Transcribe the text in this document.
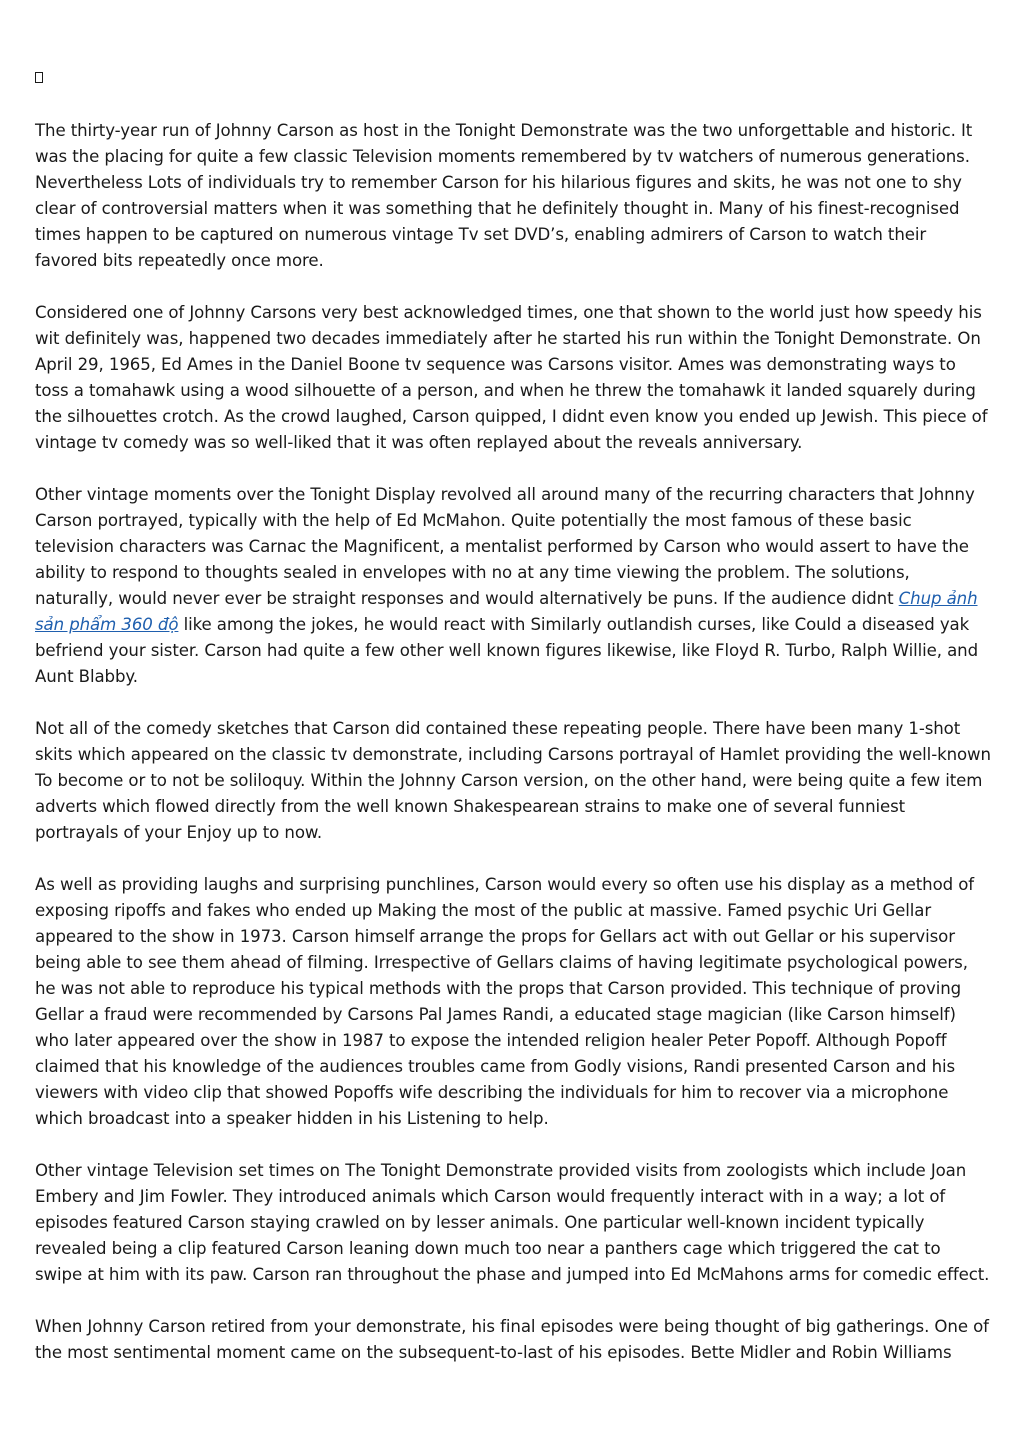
The thirty-year run of Johnny Carson as host in the Tonight Demonstrate was the two unforgettable and historic. It was the placing for quite a few classic Television moments remembered by tv watchers of numerous generations. Nevertheless Lots of individuals try to remember Carson for his hilarious figures and skits, he was not one to shy clear of controversial matters when it was something that he definitely thought in. Many of his finest-recognised times happen to be captured on numerous vintage Tv set DVD’s, enabling admirers of Carson to watch their favored bits repeatedly once more.

Considered one of Johnny Carsons very best acknowledged times, one that shown to the world just how speedy his wit definitely was, happened two decades immediately after he started his run within the Tonight Demonstrate. On April 29, 1965, Ed Ames in the Daniel Boone tv sequence was Carsons visitor. Ames was demonstrating ways to toss a tomahawk using a wood silhouette of a person, and when he threw the tomahawk it landed squarely during the silhouettes crotch. As the crowd laughed, Carson quipped, I didnt even know you ended up Jewish. This piece of vintage tv comedy was so well-liked that it was often replayed about the reveals anniversary.

Other vintage moments over the Tonight Display revolved all around many of the recurring characters that Johnny Carson portrayed, typically with the help of Ed McMahon. Quite potentially the most famous of these basic television characters was Carnac the Magnificent, a mentalist performed by Carson who would assert to have the ability to respond to thoughts sealed in envelopes with no at any time viewing the problem. The solutions, naturally, would never ever be straight responses and would alternatively be puns. If the audience didnt Chup ảnh sản phẩm 360 độ like among the jokes, he would react with Similarly outlandish curses, like Could a diseased yak befriend your sister. Carson had quite a few other well known figures likewise, like Floyd R. Turbo, Ralph Willie, and Aunt Blabby.

Not all of the comedy sketches that Carson did contained these repeating people. There have been many 1-shot skits which appeared on the classic tv demonstrate, including Carsons portrayal of Hamlet providing the well-known To become or to not be soliloquy. Within the Johnny Carson version, on the other hand, were being quite a few item adverts which flowed directly from the well known Shakespearean strains to make one of several funniest portrayals of your Enjoy up to now.

As well as providing laughs and surprising punchlines, Carson would every so often use his display as a method of exposing ripoffs and fakes who ended up Making the most of the public at massive. Famed psychic Uri Gellar appeared to the show in 1973. Carson himself arrange the props for Gellars act with out Gellar or his supervisor being able to see them ahead of filming. Irrespective of Gellars claims of having legitimate psychological powers, he was not able to reproduce his typical methods with the props that Carson provided. This technique of proving Gellar a fraud were recommended by Carsons Pal James Randi, a educated stage magician (like Carson himself) who later appeared over the show in 1987 to expose the intended religion healer Peter Popoff. Although Popoff claimed that his knowledge of the audiences troubles came from Godly visions, Randi presented Carson and his viewers with video clip that showed Popoffs wife describing the individuals for him to recover via a microphone which broadcast into a speaker hidden in his Listening to help.

Other vintage Television set times on The Tonight Demonstrate provided visits from zoologists which include Joan Embery and Jim Fowler. They introduced animals which Carson would frequently interact with in a way; a lot of episodes featured Carson staying crawled on by lesser animals. One particular well-known incident typically revealed being a clip featured Carson leaning down much too near a panthers cage which triggered the cat to swipe at him with its paw. Carson ran throughout the phase and jumped into Ed McMahons arms for comedic effect.

When Johnny Carson retired from your demonstrate, his final episodes were being thought of big gatherings. One of the most sentimental moment came on the subsequent-to-last of his episodes. Bette Midler and Robin Williams
